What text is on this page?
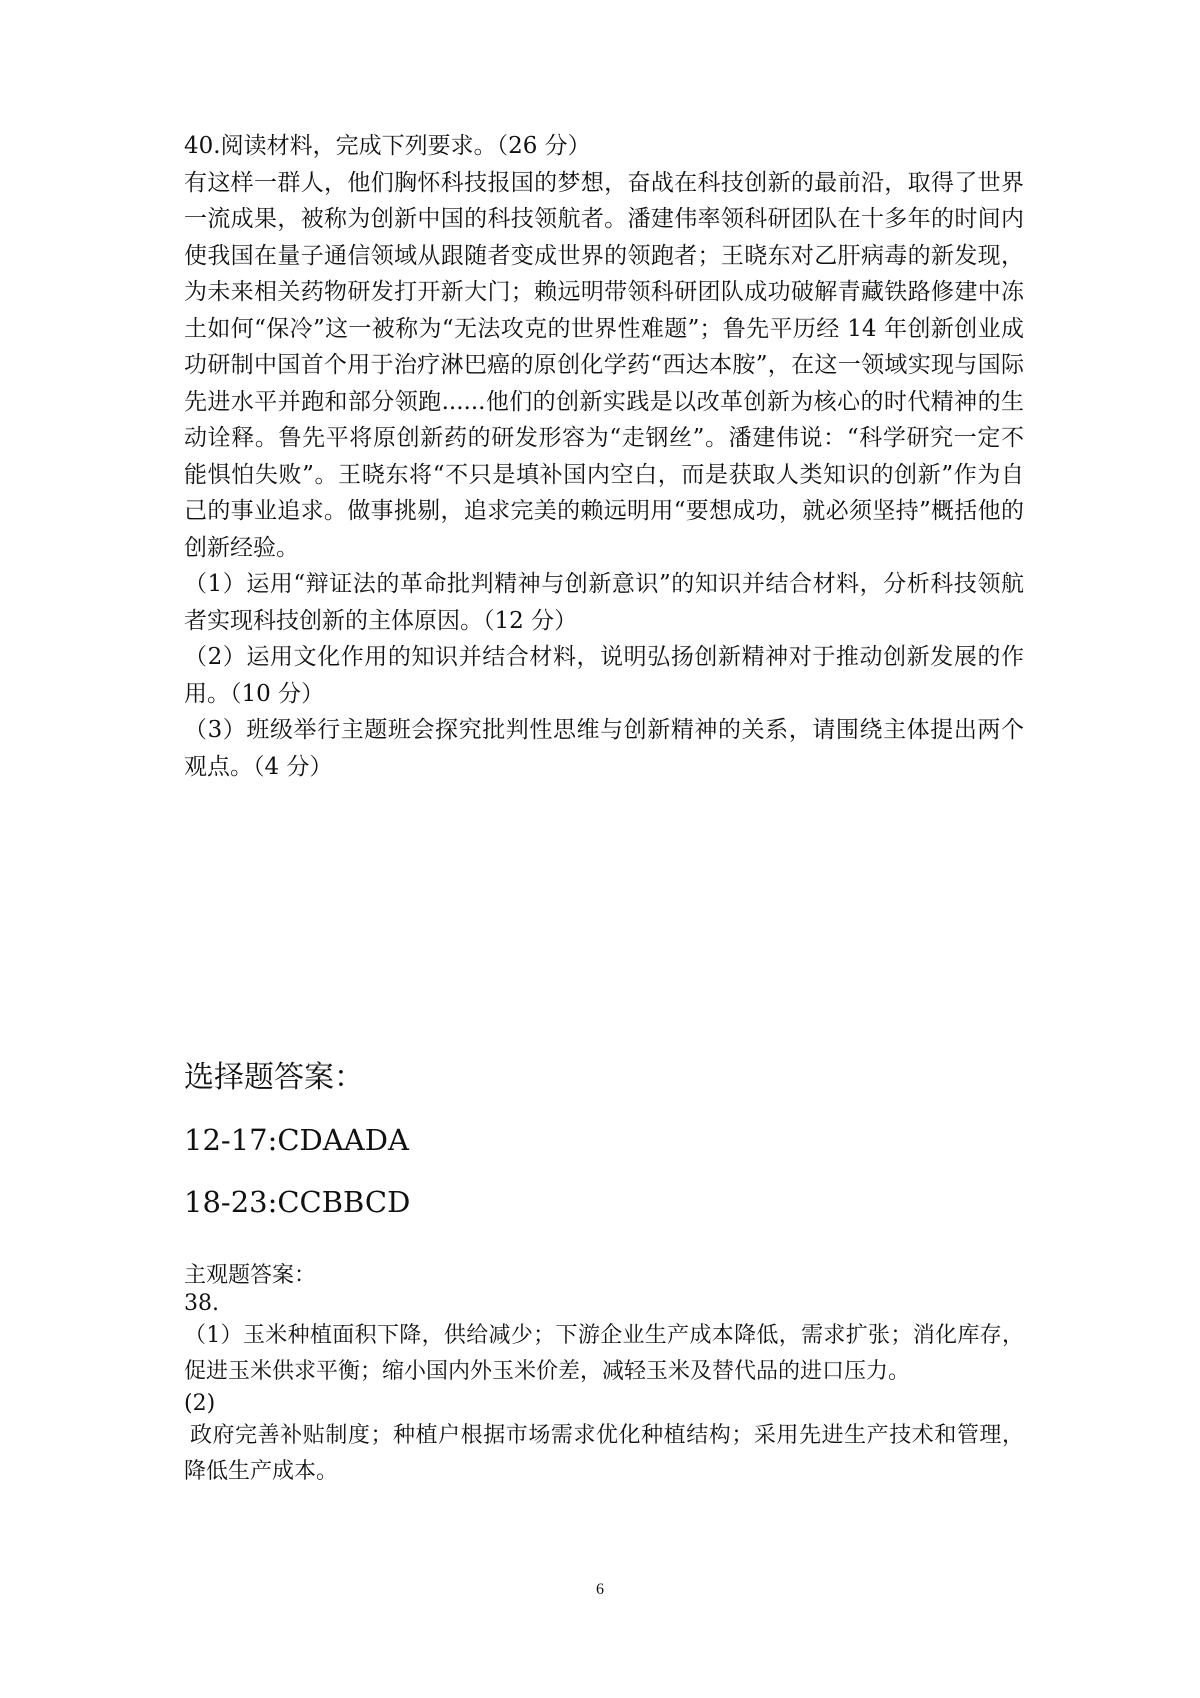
40.阅读材料，完成下列要求。（26 分）

有这样一群人，他们胸怀科技报国的梦想，奋战在科技创新的最前沿，取得了世界一流成果，被称为创新中国的科技领航者。潘建伟率领科研团队在十多年的时间内使我国在量子通信领域从跟随者变成世界的领跑者；王晓东对乙肝病毒的新发现，为未来相关药物研发打开新大门；赖远明带领科研团队成功破解青藏铁路修建中冻土如何“保冷”这一被称为“无法攻克的世界性难题”；鲁先平历经 14 年创新创业成功研制中国首个用于治疗淋巴癌的原创化学药“西达本胺”，在这一领域实现与国际先进水平并跑和部分领跑......他们的创新实践是以改革创新为核心的时代精神的生动诠释。鲁先平将原创新药的研发形容为“走钢丝”。潘建伟说：“科学研究一定不能惧怕失败”。王晓东将“不只是填补国内空白，而是获取人类知识的创新”作为自己的事业追求。做事挑剔，追求完美的赖远明用“要想成功，就必须坚持”概括他的创新经验。

（1）运用“辩证法的革命批判精神与创新意识”的知识并结合材料，分析科技领航者实现科技创新的主体原因。（12 分）

（2）运用文化作用的知识并结合材料，说明弘扬创新精神对于推动创新发展的作用。（10 分）

（3）班级举行主题班会探究批判性思维与创新精神的关系，请围绕主体提出两个观点。（4 分）

选择题答案：
12-17:CDAADA
18-23:CCBBCD

主观题答案：

38.

（1）玉米种植面积下降，供给减少；下游企业生产成本降低，需求扩张；消化库存，促进玉米供求平衡；缩小国内外玉米价差，减轻玉米及替代品的进口压力。

(2)

政府完善补贴制度；种植户根据市场需求优化种植结构；采用先进生产技术和管理，降低生产成本。

6
